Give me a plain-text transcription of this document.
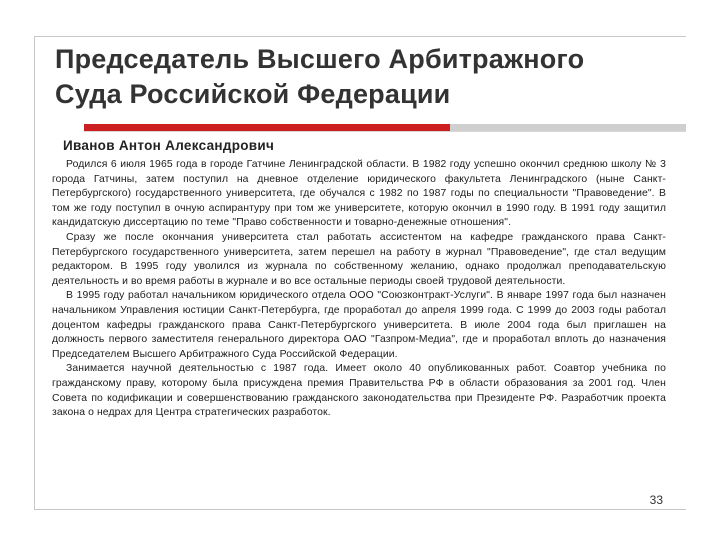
Председатель Высшего Арбитражного
Суда Российской Федерации
Иванов Антон Александрович

Родился 6 июля 1965 года в городе Гатчине Ленинградской области. В 1982 году успешно окончил среднюю школу № 3 города Гатчины, затем поступил на дневное отделение юридического факультета Ленинградского (ныне Санкт-Петербургского) государственного университета, где обучался с 1982 по 1987 годы по специальности "Правоведение". В том же году поступил в очную аспирантуру при том же университете, которую окончил в 1990 году. В 1991 году защитил кандидатскую диссертацию по теме "Право собственности и товарно-денежные отношения".

Сразу же после окончания университета стал работать ассистентом на кафедре гражданского права Санкт-Петербургского государственного университета, затем перешел на работу в журнал "Правоведение", где стал ведущим редактором. В 1995 году уволился из журнала по собственному желанию, однако продолжал преподавательскую деятельность и во время работы в журнале и во все остальные периоды своей трудовой деятельности.

В 1995 году работал начальником юридического отдела ООО "Союзконтракт-Услуги". В январе 1997 года был назначен начальником Управления юстиции Санкт-Петербурга, где проработал до апреля 1999 года. С 1999 до 2003 годы работал доцентом кафедры гражданского права Санкт-Петербургского университета. В июле 2004 года был приглашен на должность первого заместителя генерального директора ОАО "Газпром-Медиа", где и проработал вплоть до назначения Председателем Высшего Арбитражного Суда Российской Федерации.

Занимается научной деятельностью с 1987 года. Имеет около 40 опубликованных работ. Соавтор учебника по гражданскому праву, которому была присуждена премия Правительства РФ в области образования за 2001 год. Член Совета по кодификации и совершенствованию гражданского законодательства при Президенте РФ. Разработчик проекта закона о недрах для Центра стратегических разработок.

33
